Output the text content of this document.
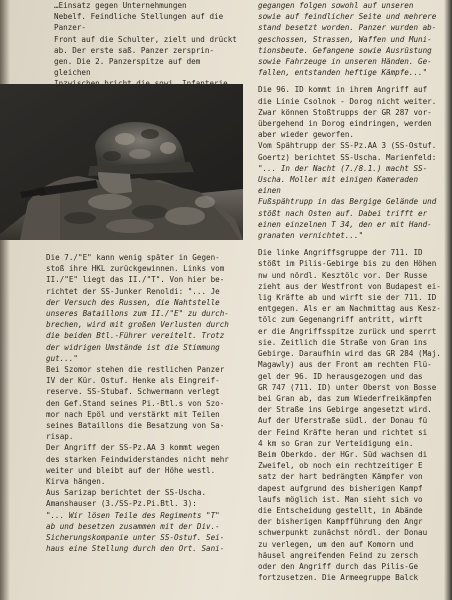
…Einsatz gegen Unternehmungen

Nebelf. Feindliche Stellungen auf die Panzer-

Front auf die Schulter, zielt und drückt

ab. Der erste saß. Panzer zersprin-

gen. Die 2. Panzerspitze auf dem gleichen

Die 7./"E" kann wenig später in Gegen-

stoß ihre HKL zurückgewinnen. Links vom

II./"E" liegt das II./"T". Von hier be-

richtet der SS-Junker Renoldi: "... Je

der Versuch des Russen, die Nahtstelle

unseres Bataillons zum II./"E" zu durch-

brechen, wird mit großen Verlusten durch

die beiden Btl.-Führer vereitelt. Trotz

der widrigen Umstände ist die Stimmung

gut..."

Bei Szomor stehen die restlichen Panzer

IV der Kür. Ostuf. Henke als Eingreif-

reserve. SS-Stubaf. Schwermann verlegt

den Gef.Stand seines Pi.-Btl.s von Szo-

mor nach Epöl und verstärkt mit Teilen

seines Bataillons die Besatzung von Sa-

risap.

Der Angriff der SS-Pz.AA 3 kommt wegen

des starken Feindwiderstandes nicht mehr

weiter und bleibt auf der Höhe westl.

Kirva hängen.

Aus Sarizap berichtet der SS-Uscha.

Amanshauser (3./SS-Pz.Pi.Btl. 3):

"... Wir lösen Teile des Regiments "T"

ab und besetzen zusammen mit der Div.-

Sicherungskompanie unter SS-Ostuf. Sei-

haus eine Stellung durch den Ort. Sani-

gegangen folgen sowohl auf unseren

sowie auf feindlicher Seite und mehrere

stand besetzt worden. Panzer wurden ab-

geschossen, Strassen, Waffen und Muni-

tionsbeute. Gefangene sowie Ausrüstung

sowie Fahrzeuge in unseren Händen. Ge-

fallen, entstanden heftige Kämpfe..."

Die 96. ID kommt in ihrem Angriff auf

die Linie Csolnok - Dorog nicht weiter.

Zwar können Stoßtrupps der GR 287 vor-

übergehend in Dorog eindringen, werden

aber wieder geworfen.

Vom Spähtrupp der SS-Pz.AA 3 (SS-Ostuf.

Goertz) berichtet SS-Uscha. Marienfeld:

"... In der Nacht (7./8.1.) macht SS-

Uscha. Moller mit einigen Kameraden einen

Fußspähtrupp in das Bergige Gelände und

stößt nach Osten auf. Dabei trifft er

einen einzelnen T 34, den er mit Hand-

granaten vernichtet..."

Die linke Angriffsgruppe der 711. ID

stößt im Pilis-Gebirge bis zu den Höhen

nw und nördl. Kesztölc vor. Der Russe

zieht aus der Westfront von Budapest ei-

lig Kräfte ab und wirft sie der 711. ID

entgegen. Als er am Nachmittag aus Kesz-

tölc zum Gegenangriff antritt, wirft

er die Angriffsspitze zurück und sperrt

sie. Zeitlich die Straße von Gran ins

Gebirge. Daraufhin wird das GR 284 (Maj.

Magawly) aus der Front am rechten Flü-

gel der 96. ID herausgezogen und das

GR 747 (711. ID) unter Oberst von Bosse

bei Gran ab, das zum Wiederfreikämpfen

der Straße ins Gebirge angesetzt wird.

Auf der Uferstraße südl. der Donau fü

der Feind Kräfte heran und richtet si

4 km so Gran zur Verteidigung ein.

Beim Oberkdo. der HGr. Süd wachsen di

Zweifel, ob noch ein rechtzeitiger E

satz der hart bedrängten Kämpfer von

dapest aufgrund des bisherigen Kampf

laufs möglich ist. Man sieht sich vo

die Entscheidung gestellt, in Abände

der bisherigen Kampfführung den Angr

schwerpunkt zunächst nördl. der Donau

zu verlegen, um den auf Komorn und

häusel angreifenden Feind zu zersch

oder den Angriff durch das Pilis-Ge

fortzusetzen. Die Armeegruppe Balck
